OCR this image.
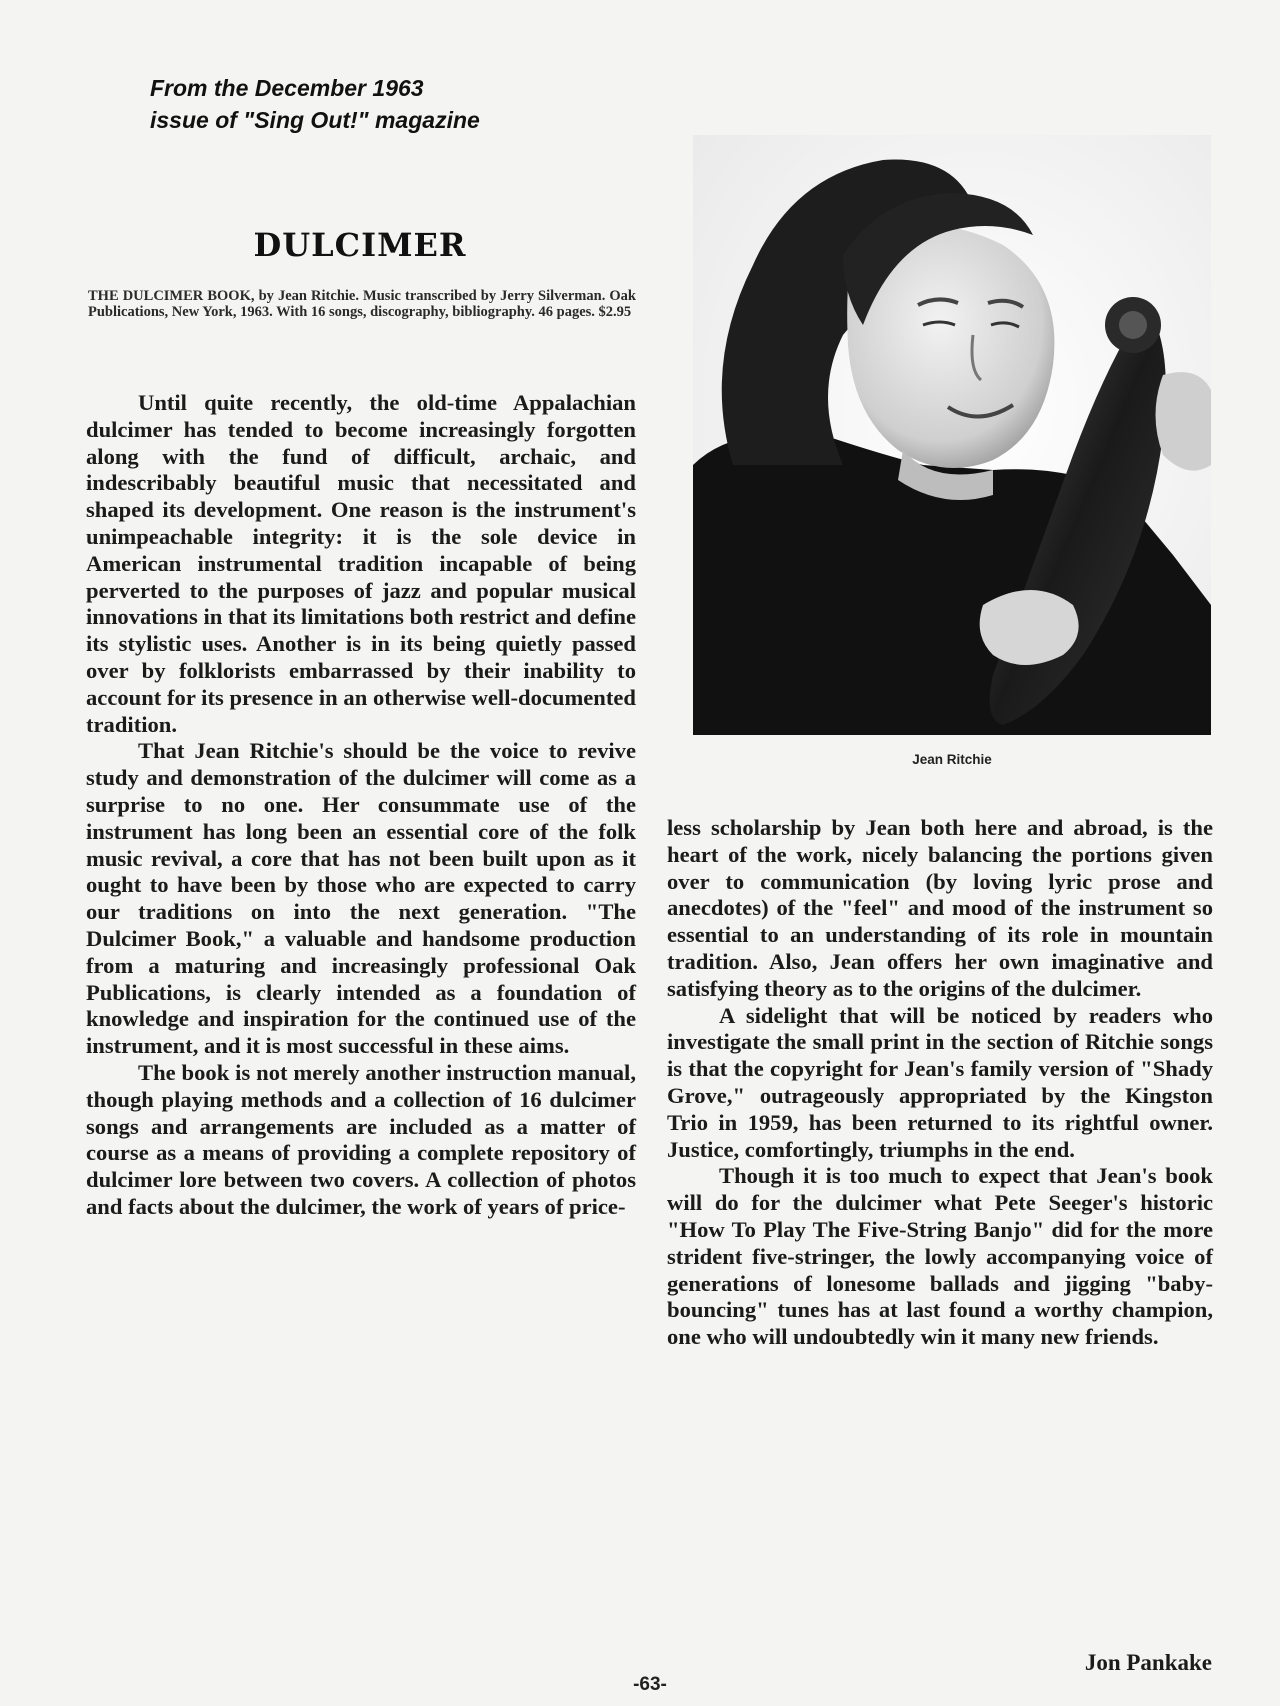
From the December 1963
issue of "Sing Out!" magazine
DULCIMER
THE DULCIMER BOOK, by Jean Ritchie. Music transcribed by Jerry Silverman. Oak Publications, New York, 1963. With 16 songs, discography, bibliography. 46 pages. $2.95

Until quite recently, the old-time Appalachian dulcimer has tended to become increasingly forgotten along with the fund of difficult, archaic, and indescribably beautiful music that necessitated and shaped its development. One reason is the instrument's unimpeachable integrity: it is the sole device in American instrumental tradition incapable of being perverted to the purposes of jazz and popular musical innovations in that its limitations both restrict and define its stylistic uses. Another is in its being quietly passed over by folklorists embarrassed by their inability to account for its presence in an otherwise well-documented tradition.

That Jean Ritchie's should be the voice to revive study and demonstration of the dulcimer will come as a surprise to no one. Her consummate use of the instrument has long been an essential core of the folk music revival, a core that has not been built upon as it ought to have been by those who are expected to carry our traditions on into the next generation. "The Dulcimer Book," a valuable and handsome production from a maturing and increasingly professional Oak Publications, is clearly intended as a foundation of knowledge and inspiration for the continued use of the instrument, and it is most successful in these aims.

The book is not merely another instruction manual, though playing methods and a collection of 16 dulcimer songs and arrangements are included as a matter of course as a means of providing a complete repository of dulcimer lore between two covers. A collection of photos and facts about the dulcimer, the work of years of price-

Jean Ritchie

less scholarship by Jean both here and abroad, is the heart of the work, nicely balancing the portions given over to communication (by loving lyric prose and anecdotes) of the "feel" and mood of the instrument so essential to an understanding of its role in mountain tradition. Also, Jean offers her own imaginative and satisfying theory as to the origins of the dulcimer.

A sidelight that will be noticed by readers who investigate the small print in the section of Ritchie songs is that the copyright for Jean's family version of "Shady Grove," outrageously appropriated by the Kingston Trio in 1959, has been returned to its rightful owner. Justice, comfortingly, triumphs in the end.

Though it is too much to expect that Jean's book will do for the dulcimer what Pete Seeger's historic "How To Play The Five-String Banjo" did for the more strident five-stringer, the lowly accompanying voice of generations of lonesome ballads and jigging "baby-bouncing" tunes has at last found a worthy champion, one who will undoubtedly win it many new friends.

Jon Pankake
-63-
